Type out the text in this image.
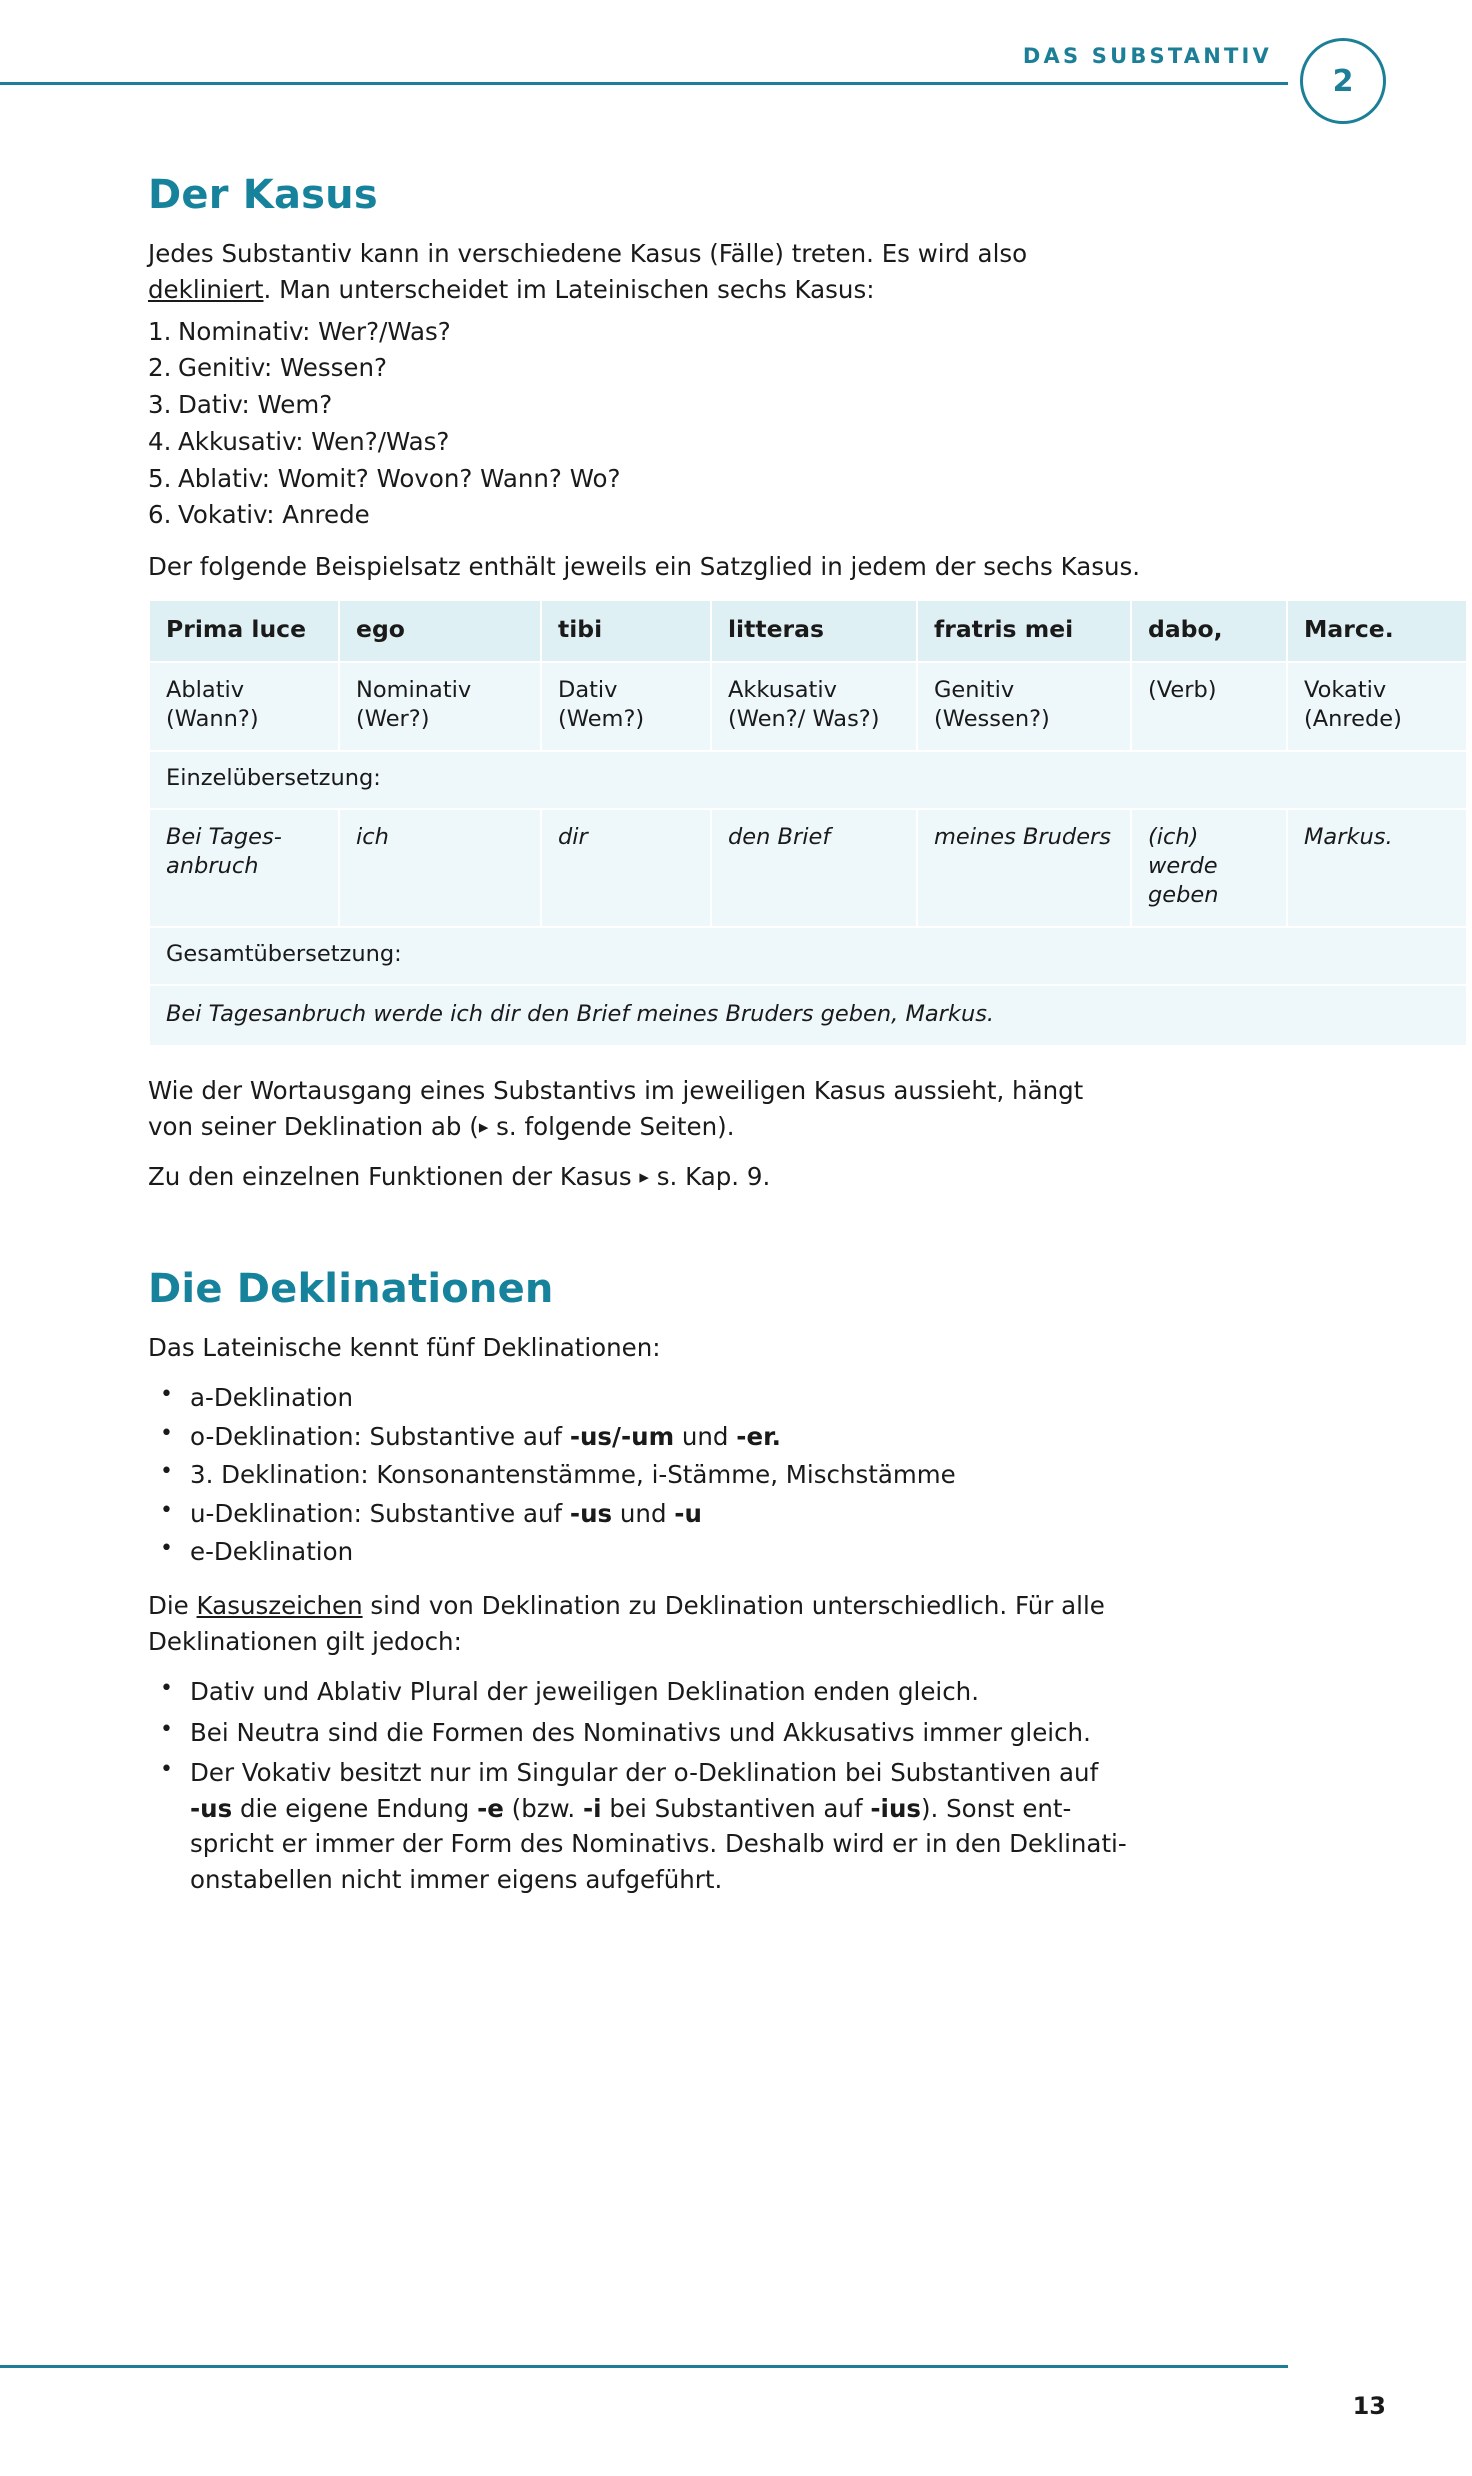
DAS SUBSTANTIV
2
Der Kasus

Jedes Substantiv kann in verschiedene Kasus (Fälle) treten. Es wird also
dekliniert. Man unterscheidet im Lateinischen sechs Kasus:

1. Nominativ: Wer?/Was?
2. Genitiv: Wessen?
3. Dativ: Wem?
4. Akkusativ: Wen?/Was?
5. Ablativ: Womit? Wovon? Wann? Wo?
6. Vokativ: Anrede

Der folgende Beispielsatz enthält jeweils ein Satzglied in jedem der sechs Kasus.

Prima luce	ego	tibi	litteras	fratris mei	dabo,	Marce.
Ablativ (Wann?)	Nominativ (Wer?)	Dativ (Wem?)	Akkusativ (Wen?/ Was?)	Genitiv (Wessen?)	(Verb)	Vokativ (Anrede)
Einzelübersetzung:						
Bei Tages- anbruch	ich	dir	den Brief	meines Bruders	(ich) werde geben	Markus.
Gesamtübersetzung:						
Bei Tagesanbruch werde ich dir den Brief meines Bruders geben, Markus.						

Wie der Wortausgang eines Substantivs im jeweiligen Kasus aussieht, hängt
von seiner Deklination ab (▸ s. folgende Seiten).

Zu den einzelnen Funktionen der Kasus ▸ s. Kap. 9.

Die Deklinationen

Das Lateinische kennt fünf Deklinationen:

• a-Deklination
• o-Deklination: Substantive auf -us/-um und -er.
• 3. Deklination: Konsonantenstämme, i-Stämme, Mischstämme
• u-Deklination: Substantive auf -us und -u
• e-Deklination

Die Kasuszeichen sind von Deklination zu Deklination unterschiedlich. Für alle
Deklinationen gilt jedoch:

• Dativ und Ablativ Plural der jeweiligen Deklination enden gleich.
• Bei Neutra sind die Formen des Nominativs und Akkusativs immer gleich.
• Der Vokativ besitzt nur im Singular der o-Deklination bei Substantiven auf
-us die eigene Endung -e (bzw. -i bei Substantiven auf -ius). Sonst ent-
spricht er immer der Form des Nominativs. Deshalb wird er in den Deklinati-
onstabellen nicht immer eigens aufgeführt.
13
